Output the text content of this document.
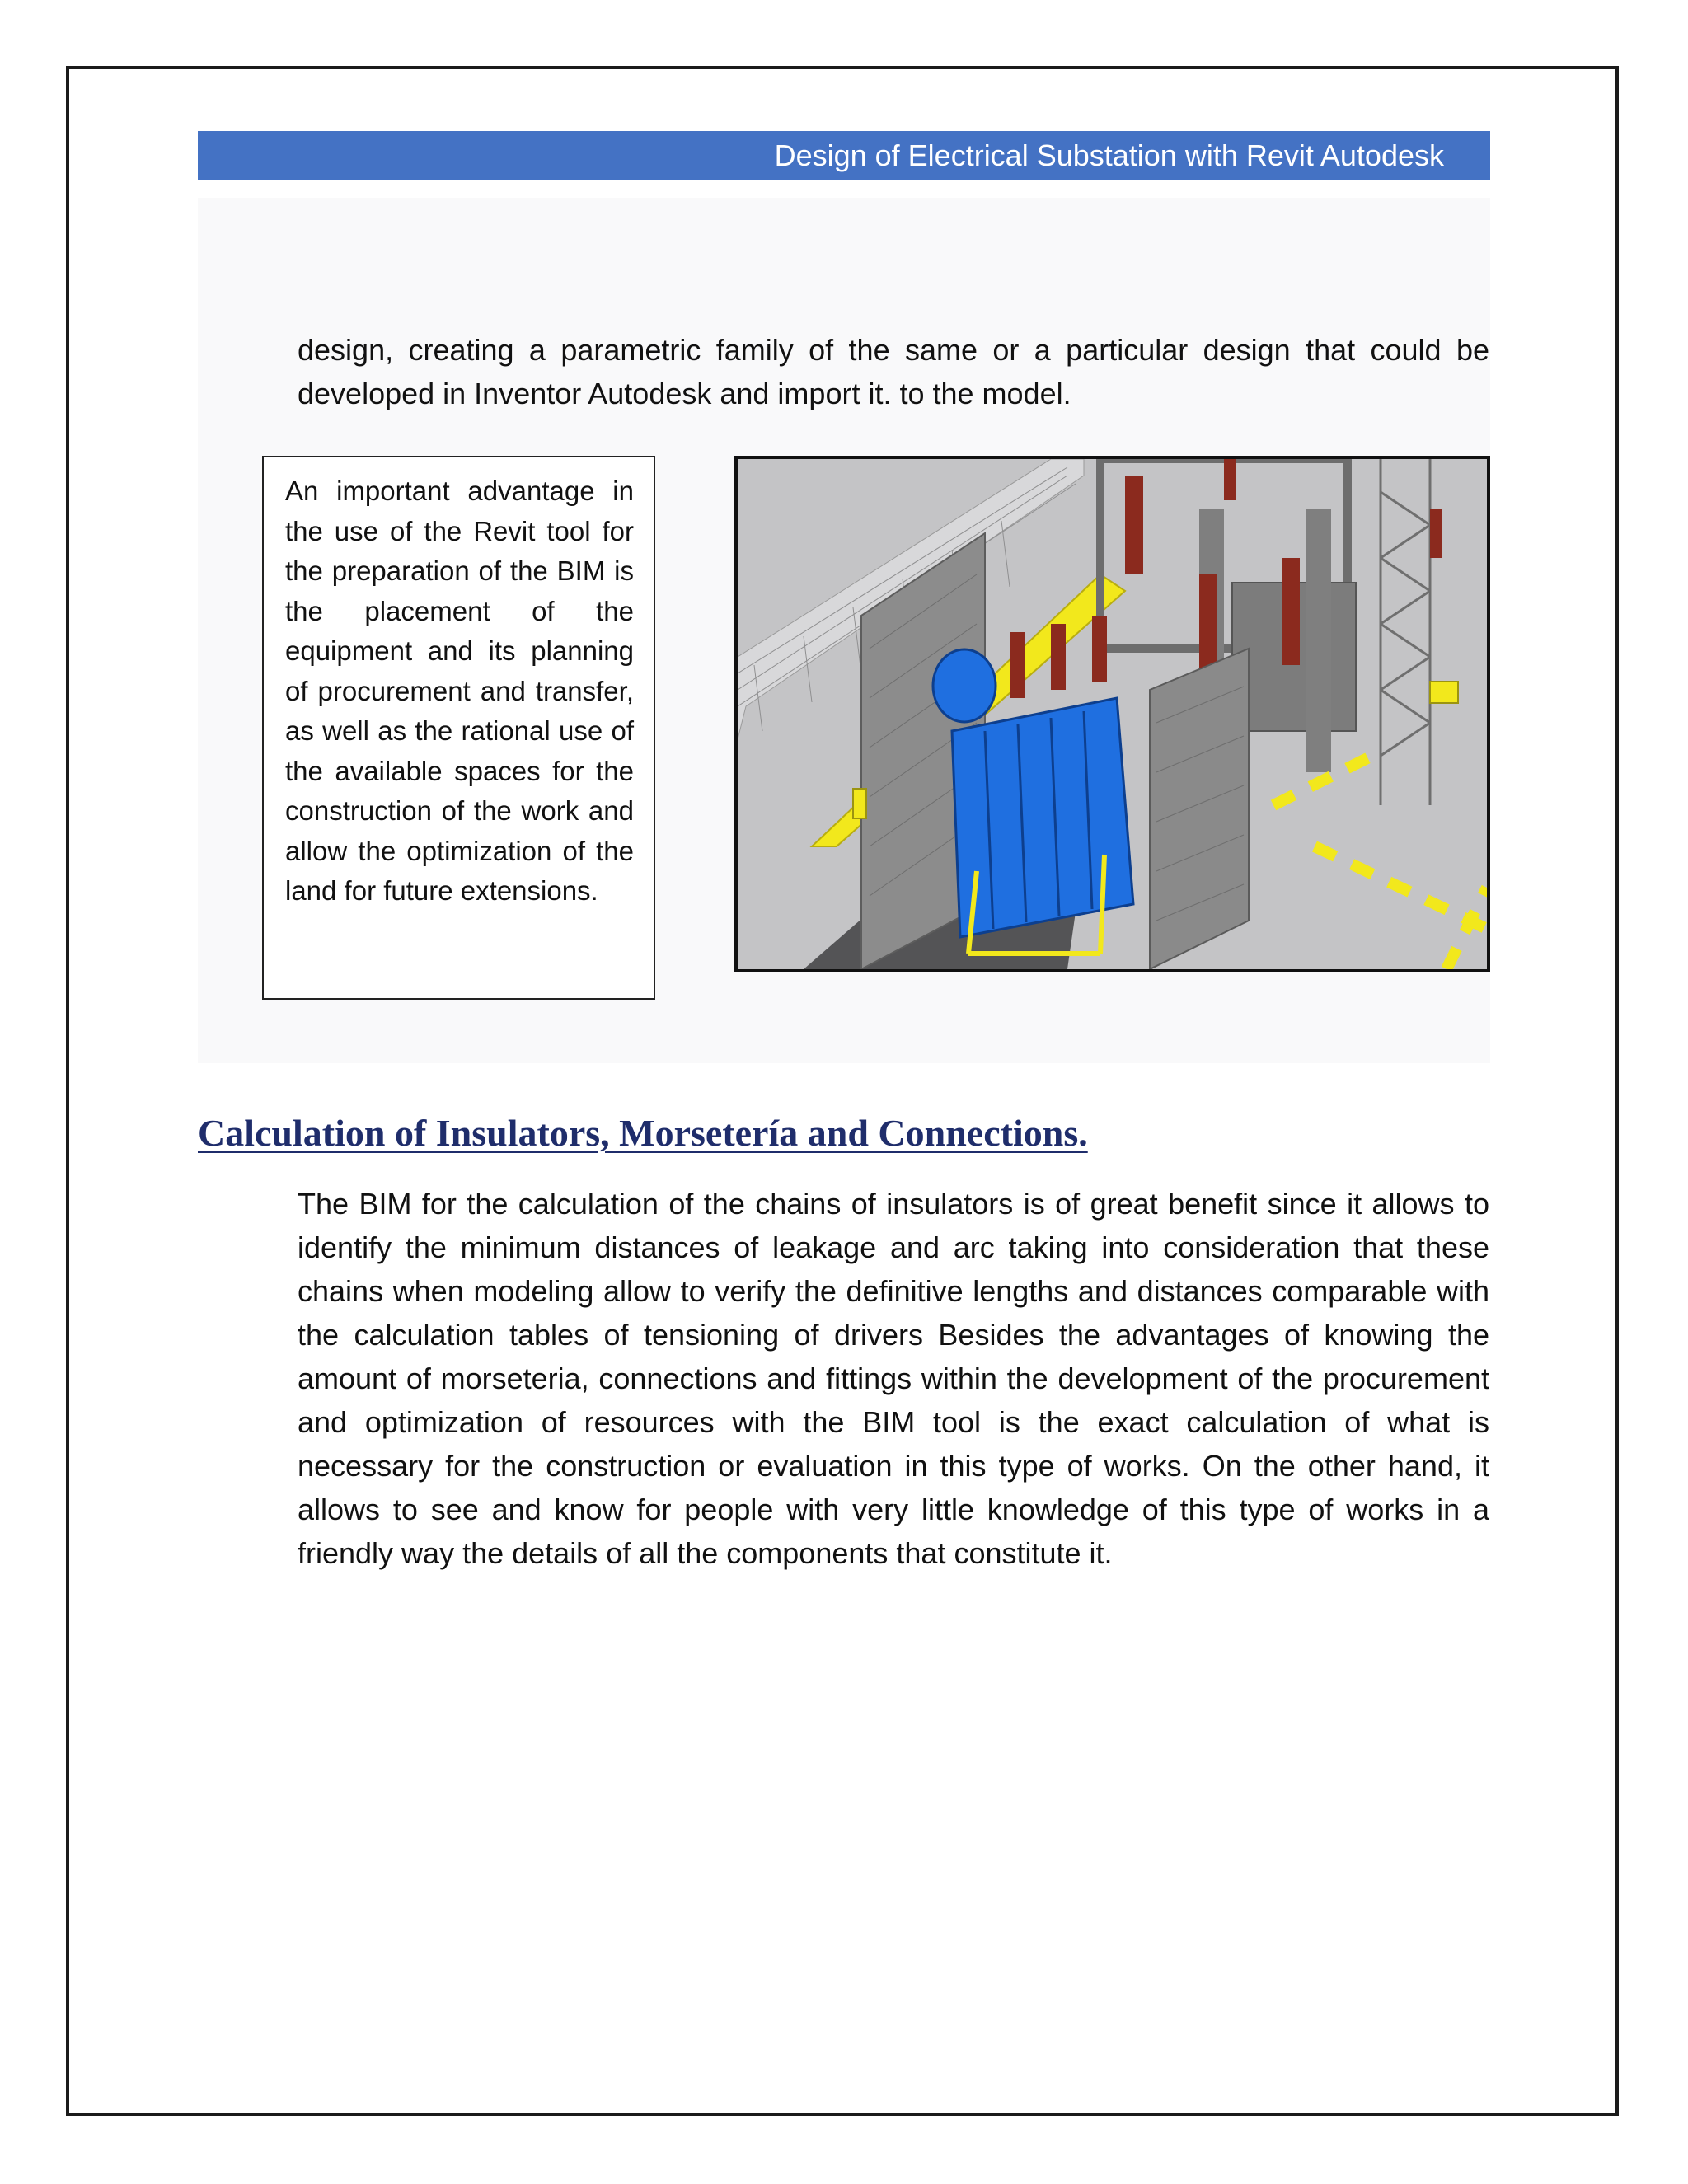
Design of Electrical Substation with Revit Autodesk

design, creating a parametric family of the same or a particular design that could be developed in Inventor Autodesk and import it. to the model.

An important advantage in the use of the Revit tool for the preparation of the BIM is the placement of the equipment and its planning of procurement and transfer, as well as the rational use of the available spaces for the construction of the work and allow the optimization of the land for future extensions.

Calculation of Insulators, Morsetería and Connections.

The BIM for the calculation of the chains of insulators is of great benefit since it allows to identify the minimum distances of leakage and arc taking into consideration that these chains when modeling allow to verify the definitive lengths and distances comparable with the calculation tables of tensioning of drivers Besides the advantages of knowing the amount of morseteria, connections and fittings within the development of the procurement and optimization of resources with the BIM tool is the exact calculation of what is necessary for the construction or evaluation in this type of works. On the other hand, it allows to see and know for people with very little knowledge of this type of works in a friendly way the details of all the components that constitute it.
